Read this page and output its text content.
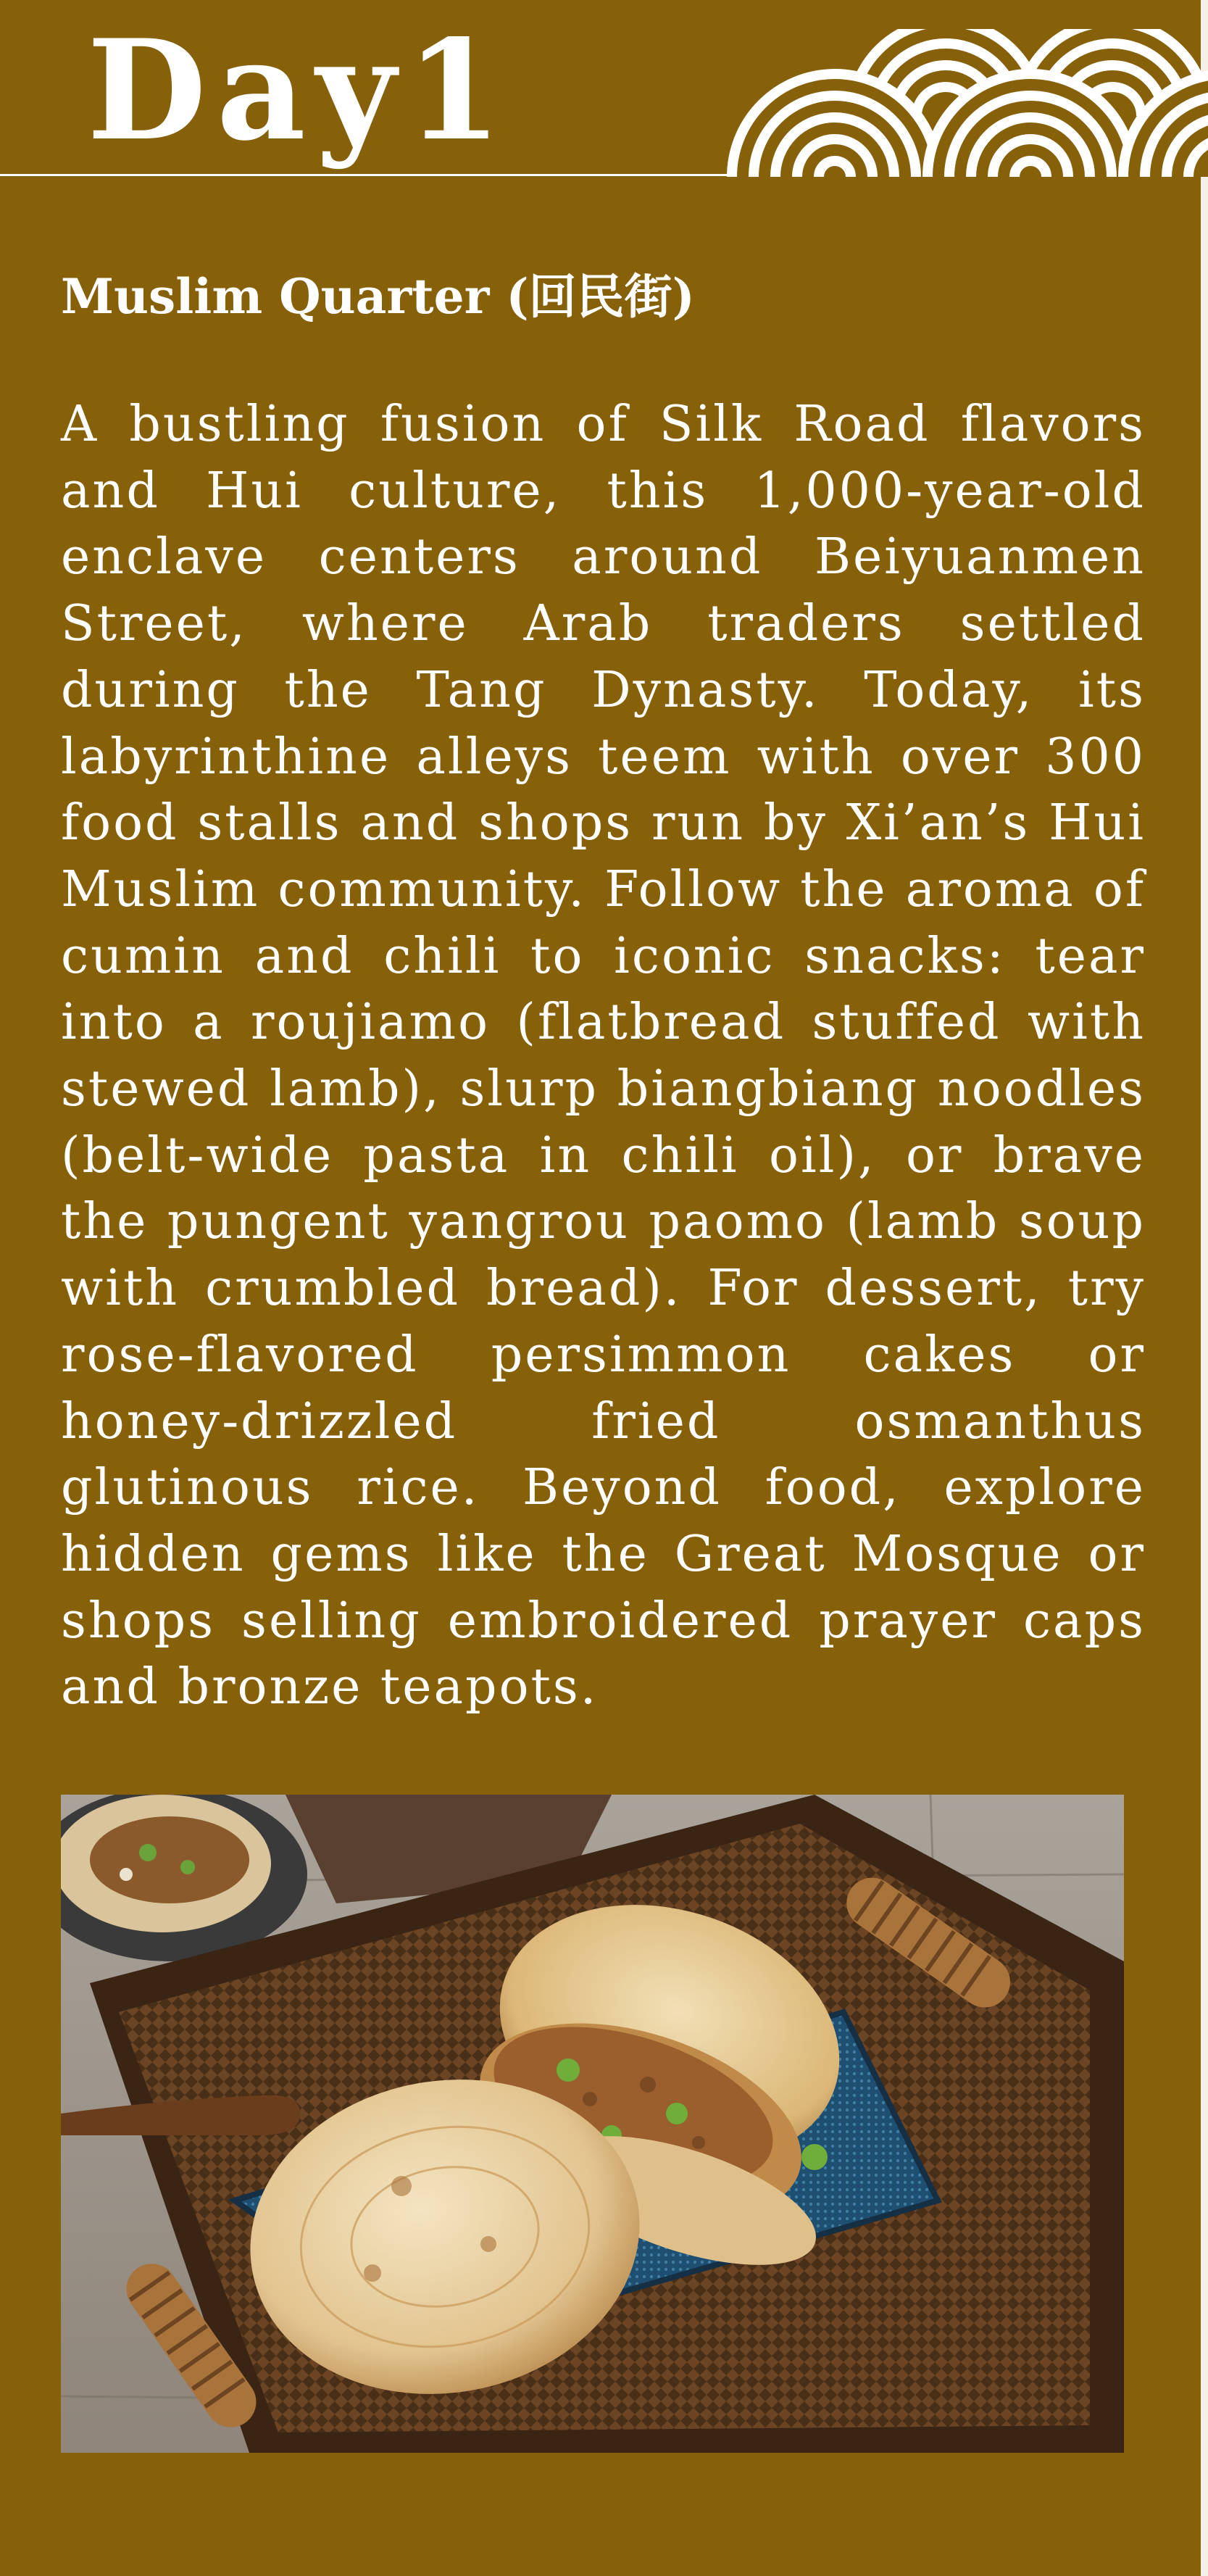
Day1
Muslim Quarter (回民街)

A bustling fusion of Silk Road flavors and Hui culture, this 1,000-year-old enclave centers around Beiyuanmen Street, where Arab traders settled during the Tang Dynasty. Today, its labyrinthine alleys teem with over 300 food stalls and shops run by Xi’an’s Hui Muslim community. Follow the aroma of cumin and chili to iconic snacks: tear into a roujiamo (flatbread stuffed with stewed lamb), slurp biangbiang noodles (belt-wide pasta in chili oil), or brave the pungent yangrou paomo (lamb soup with crumbled bread). For dessert, try rose-flavored persimmon cakes or honey-drizzled fried osmanthus glutinous rice. Beyond food, explore hidden gems like the Great Mosque or shops selling embroidered prayer caps and bronze teapots.
